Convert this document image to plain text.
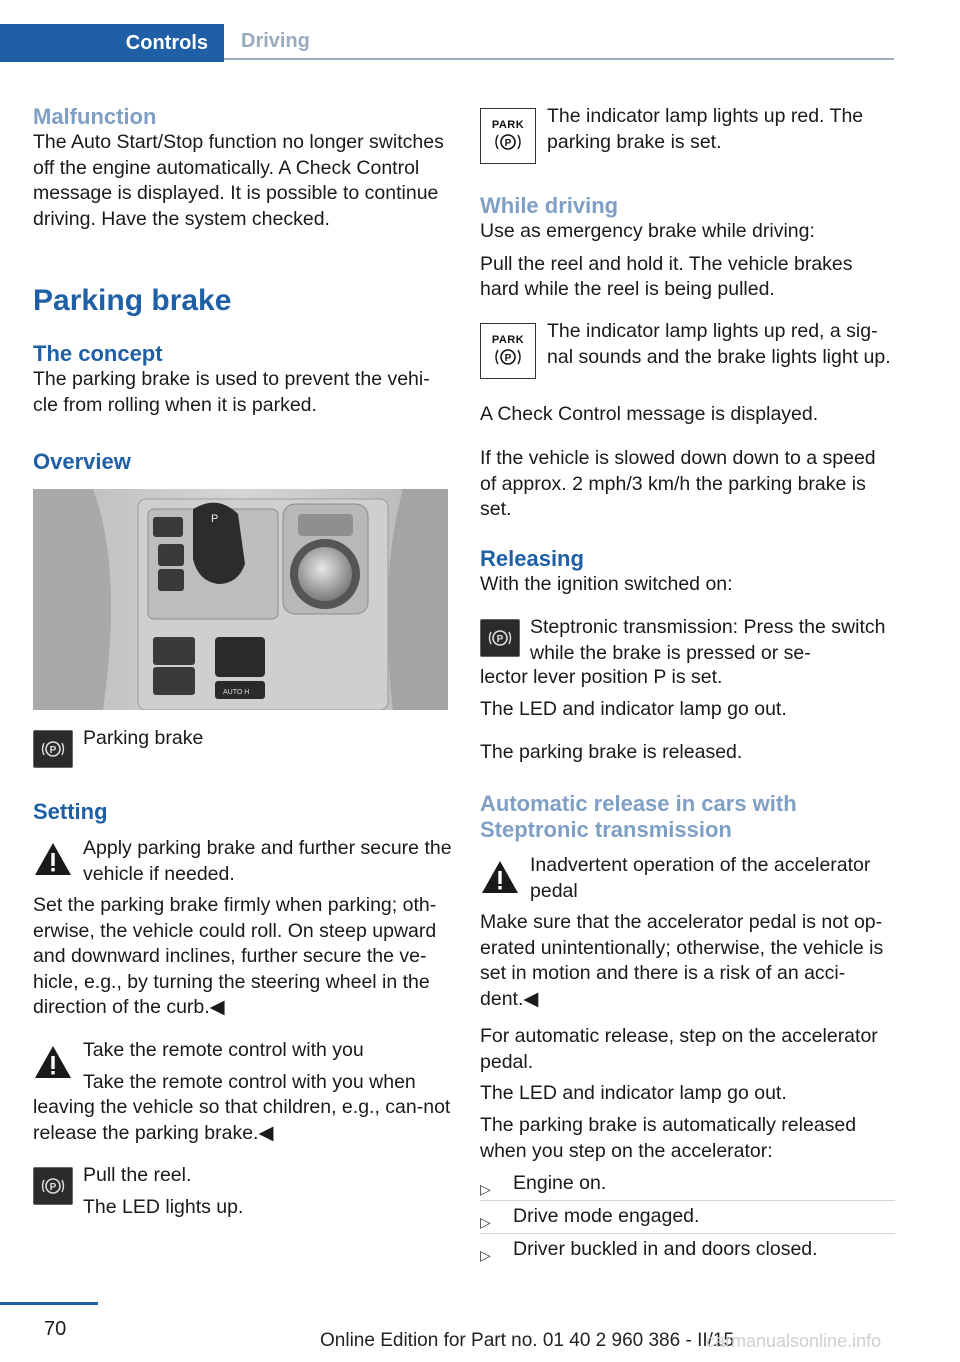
Controls	Driving
Malfunction

The Auto Start/Stop function no longer switches off the engine automatically. A Check Control message is displayed. It is possible to continue driving. Have the system checked.

Parking brake
The concept

The parking brake is used to prevent the vehi‐cle from rolling when it is parked.

Overview
P
AUTO H
P
Parking brake
Setting
Apply parking brake and further secure the vehicle if needed.
Set the parking brake firmly when parking; oth‐erwise, the vehicle could roll. On steep upward and downward inclines, further secure the ve‐hicle, e.g., by turning the steering wheel in the direction of the curb.◀
Take the remote control with you
Take the remote control with you when
leaving the vehicle so that children, e.g., can‐not release the parking brake.◀
P
Pull the reel.
The LED lights up.
PARK
P
The indicator lamp lights up red. The parking brake is set.
While driving

Use as emergency brake while driving:

Pull the reel and hold it. The vehicle brakes hard while the reel is being pulled.

PARK
P
The indicator lamp lights up red, a sig‐nal sounds and the brake lights light up.
A Check Control message is displayed.
If the vehicle is slowed down down to a speed of approx. 2 mph/3 km/h the parking brake is set.
Releasing

With the ignition switched on:

P
Steptronic transmission: Press the switch while the brake is pressed or se‐
lector lever position P is set.
The LED and indicator lamp go out.
The parking brake is released.
Automatic release in cars with Steptronic transmission
Inadvertent operation of the accelerator pedal
Make sure that the accelerator pedal is not op‐erated unintentionally; otherwise, the vehicle is set in motion and there is a risk of an acci‐dent.◀
For automatic release, step on the accelerator pedal.
The LED and indicator lamp go out.
The parking brake is automatically released when you step on the accelerator:
▷ Engine on.
▷ Drive mode engaged.
▷ Driver buckled in and doors closed.
70
Online Edition for Part no. 01 40 2 960 386 - II/15
carmanualsonline.info
